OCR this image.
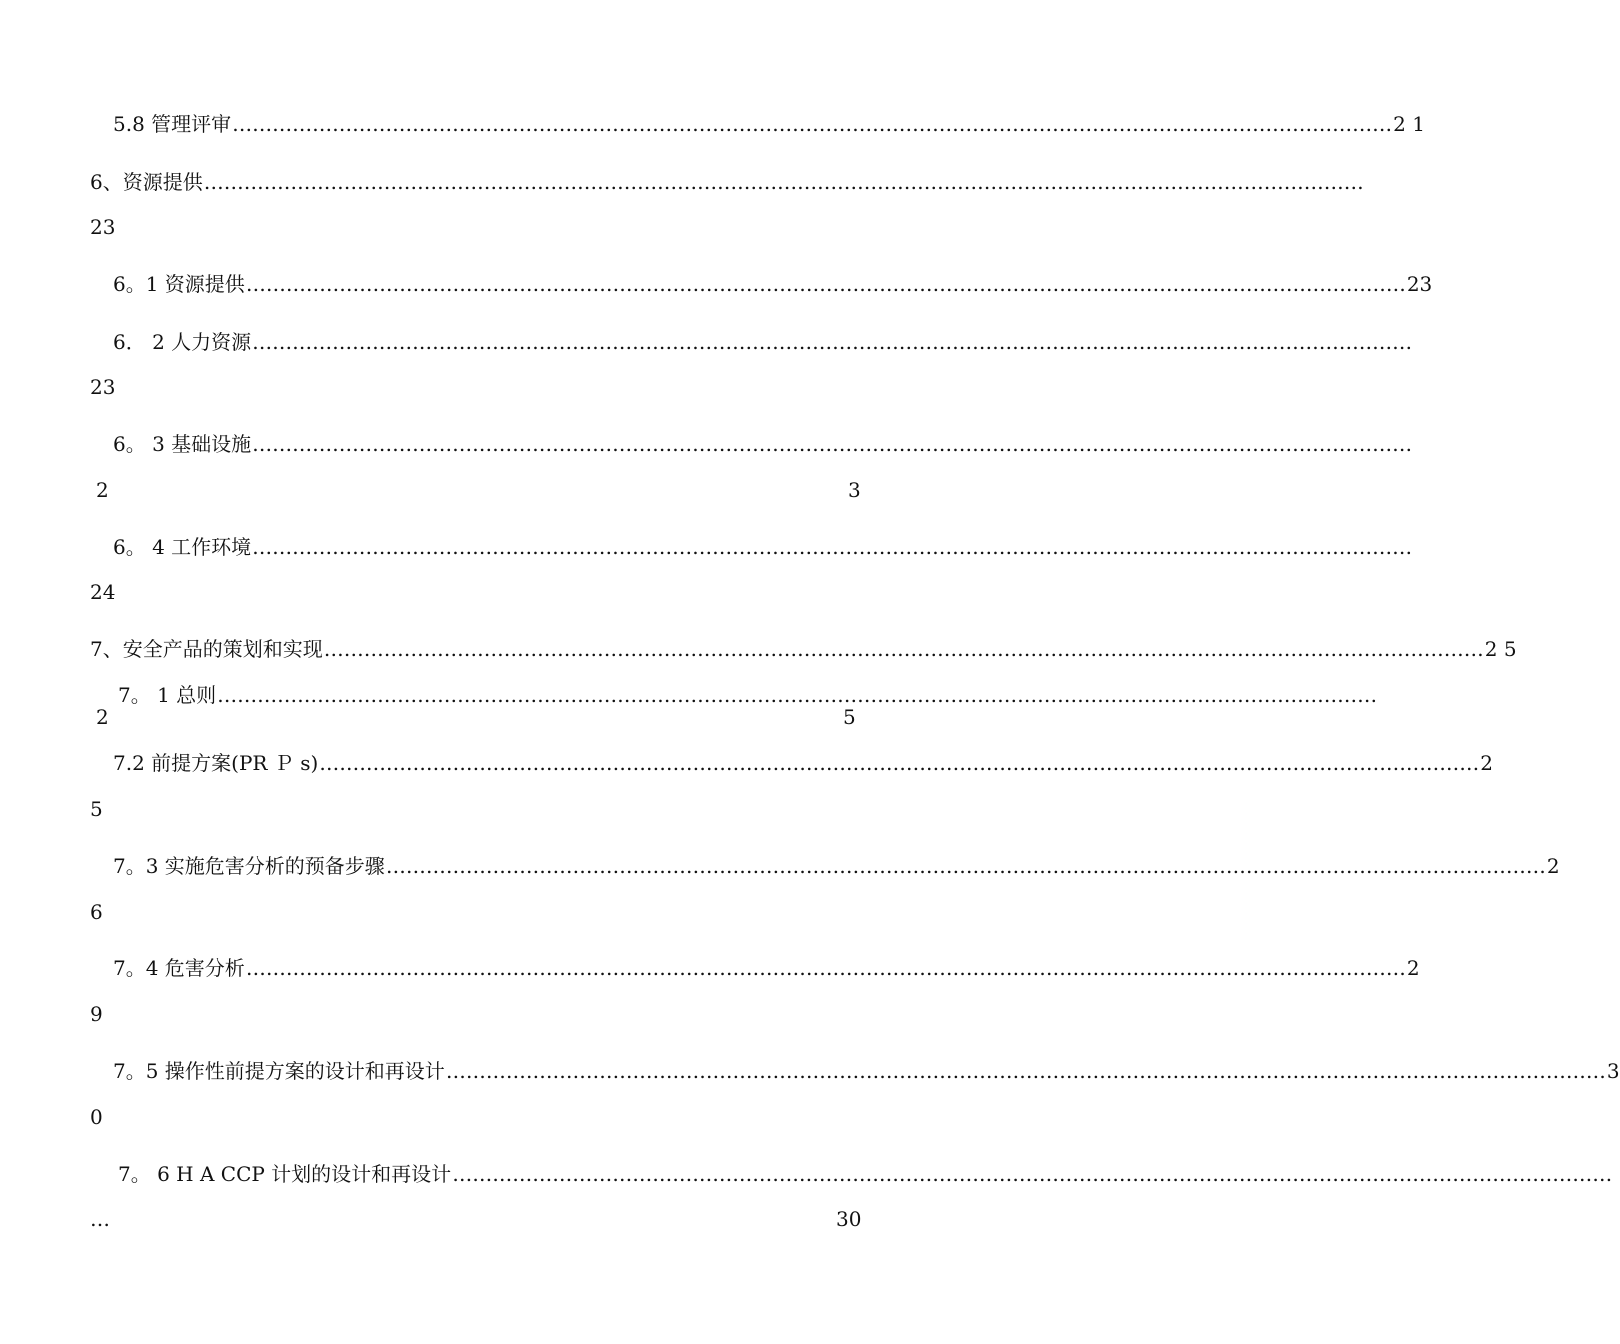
5.8 管理评审 ………………………………………………………………………………………………………………………………………………………… 2 1
6、资源提供 …………………………………………………………………………………………………………………………………………………………
23
6。1 资源提供 ………………………………………………………………………………………………………………………………………………………… 23
6． 2 人力资源 …………………………………………………………………………………………………………………………………………………………
23
6。 3 基础设施 …………………………………………………………………………………………………………………………………………………………
2	3
6。 4 工作环境 …………………………………………………………………………………………………………………………………………………………
24
7、安全产品的策划和实现 ………………………………………………………………………………………………………………………………………………………… 2 5
7。 1 总则 …………………………………………………………………………………………………………………………………………………………
2	5
7.2 前提方案(PR Ｐ s) ………………………………………………………………………………………………………………………………………………………… 2
5
7。3 实施危害分析的预备步骤 ………………………………………………………………………………………………………………………………………………………… 2
6
7。4 危害分析 ………………………………………………………………………………………………………………………………………………………… 2
9
7。5 操作性前提方案的设计和再设计 ………………………………………………………………………………………………………………………………………………………… 3
0
7。 6 H A CCP 计划的设计和再设计 …………………………………………………………………………………………………………………………………………………………
…	30
